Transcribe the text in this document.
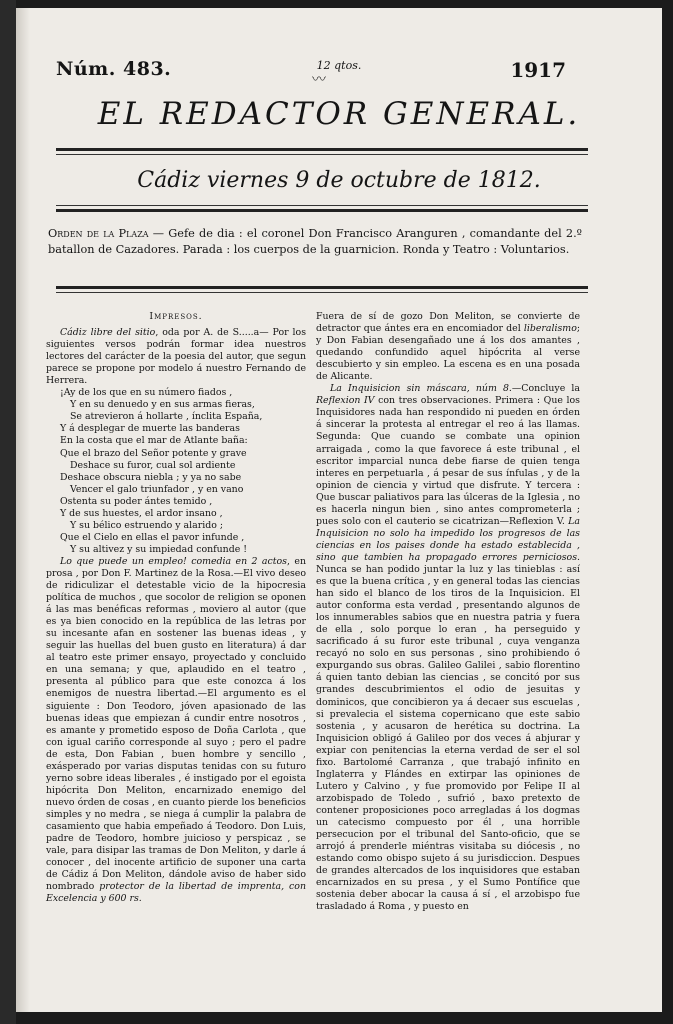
Núm. 483.	12 qtos.
〰	1917
EL REDACTOR GENERAL.
Cádiz viernes 9 de octubre de 1812.
Orden de la Plaza — Gefe de dia : el coronel Don Francisco Aranguren , comandante del 2.º batallon de Cazadores. Parada : los cuerpos de la guarnicion. Ronda y Teatro : Voluntarios.

Impresos.

Cádiz libre del sitio, oda por A. de S.....a— Por los siguientes versos podrán formar idea nuestros lectores del carácter de la poesia del autor, que segun parece se propone por modelo á nuestro Fernando de Herrera.

¡Ay de los que en su número fiados ,
Y en su denuedo y en sus armas fieras,
Se atrevieron á hollarte , ínclita España,
Y á desplegar de muerte las banderas
En la costa que el mar de Atlante baña:
Que el brazo del Señor potente y grave
Deshace su furor, cual sol ardiente
Deshace obscura niebla ; y ya no sabe
Vencer el galo triunfador , y en vano
Ostenta su poder ántes temido ,
Y de sus huestes, el ardor insano ,
Y su bélico estruendo y alarido ;
Que el Cielo en ellas el pavor infunde ,
Y su altivez y su impiedad confunde !

Lo que puede un empleo! comedia en 2 actos, en prosa , por Don F. Martinez de la Rosa.—El vivo deseo de ridiculizar el detestable vicio de la hipocresia política de muchos , que socolor de religion se oponen á las mas benéficas reformas , moviero al autor (que es ya bien conocido en la república de las letras por su incesante afan en sostener las buenas ideas , y seguir las huellas del buen gusto en literatura) á dar al teatro este primer ensayo, proyectado y concluido en una semana; y que, aplaudido en el teatro , presenta al público para que este conozca á los enemigos de nuestra libertad.—El argumento es el siguiente : Don Teodoro, jóven apasionado de las buenas ideas que empiezan á cundir entre nosotros , es amante y prometido esposo de Doña Carlota , que con igual cariño corresponde al suyo ; pero el padre de esta, Don Fabian , buen hombre y sencillo , exásperado por varias disputas tenidas con su futuro yerno sobre ideas liberales , é instigado por el egoista hipócrita Don Meliton, encarnizado enemigo del nuevo órden de cosas , en cuanto pierde los beneficios simples y no medra , se niega á cumplir la palabra de casamiento que habia empeñado á Teodoro. Don Luis, padre de Teodoro, hombre juicioso y perspicaz , se vale, para disipar las tramas de Don Meliton, y darle á conocer , del inocente artificio de suponer una carta de Cádiz á Don Meliton, dándole aviso de haber sido nombrado protector de la libertad de imprenta, con Excelencia y 600 rs.

Fuera de sí de gozo Don Meliton, se convierte de detractor que ántes era en encomiador del liberalismo; y Don Fabian desengañado une á los dos amantes , quedando confundido aquel hipócrita al verse descubierto y sin empleo. La escena es en una posada de Alicante.

La Inquisicion sin máscara, núm 8.—Concluye la Reflexion IV con tres observaciones. Primera : Que los Inquisidores nada han respondido ni pueden en órden á sincerar la protesta al entregar el reo á las llamas. Segunda: Que cuando se combate una opinion arraigada , como la que favorece á este tribunal , el escritor imparcial nunca debe fiarse de quien tenga interes en perpetuarla , á pesar de sus ínfulas , y de la opinion de ciencia y virtud que disfrute. Y tercera : Que buscar paliativos para las úlceras de la Iglesia , no es hacerla ningun bien , sino antes comprometerla ; pues solo con el cauterio se cicatrizan—Reflexion V. La Inquisicion no solo ha impedido los progresos de las ciencias en los paises donde ha estado establecida , sino que tambien ha propagado errores perniciosos. Nunca se han podido juntar la luz y las tinieblas : así es que la buena crítica , y en general todas las ciencias han sido el blanco de los tiros de la Inquisicion. El autor conforma esta verdad , presentando algunos de los innumerables sabios que en nuestra patria y fuera de ella , solo porque lo eran , ha perseguido y sacrificado á su furor este tribunal , cuya venganza recayó no solo en sus personas , sino prohibiendo ó expurgando sus obras. Galileo Galilei , sabio florentino á quien tanto debian las ciencias , se concitó por sus grandes descubrimientos el odio de jesuitas y dominicos, que concibieron ya á decaer sus escuelas , si prevalecia el sistema copernicano que este sabio sostenia , y acusaron de herética su doctrina. La Inquisicion obligó á Galileo por dos veces á abjurar y expiar con penitencias la eterna verdad de ser el sol fixo. Bartolomé Carranza , que trabajó infinito en Inglaterra y Flándes en extirpar las opiniones de Lutero y Calvino , y fue promovido por Felipe II al arzobispado de Toledo , sufrió , baxo pretexto de contener proposiciones poco arregladas á los dogmas un catecismo compuesto por él , una horrible persecucion por el tribunal del Santo-oficio, que se arrojó á prenderle miéntras visitaba su diócesis , no estando como obispo sujeto á su jurisdiccion. Despues de grandes altercados de los inquisidores que estaban encarnizados en su presa , y el Sumo Pontífice que sostenia deber abocar la causa á sí , el arzobispo fue trasladado á Roma , y puesto en
